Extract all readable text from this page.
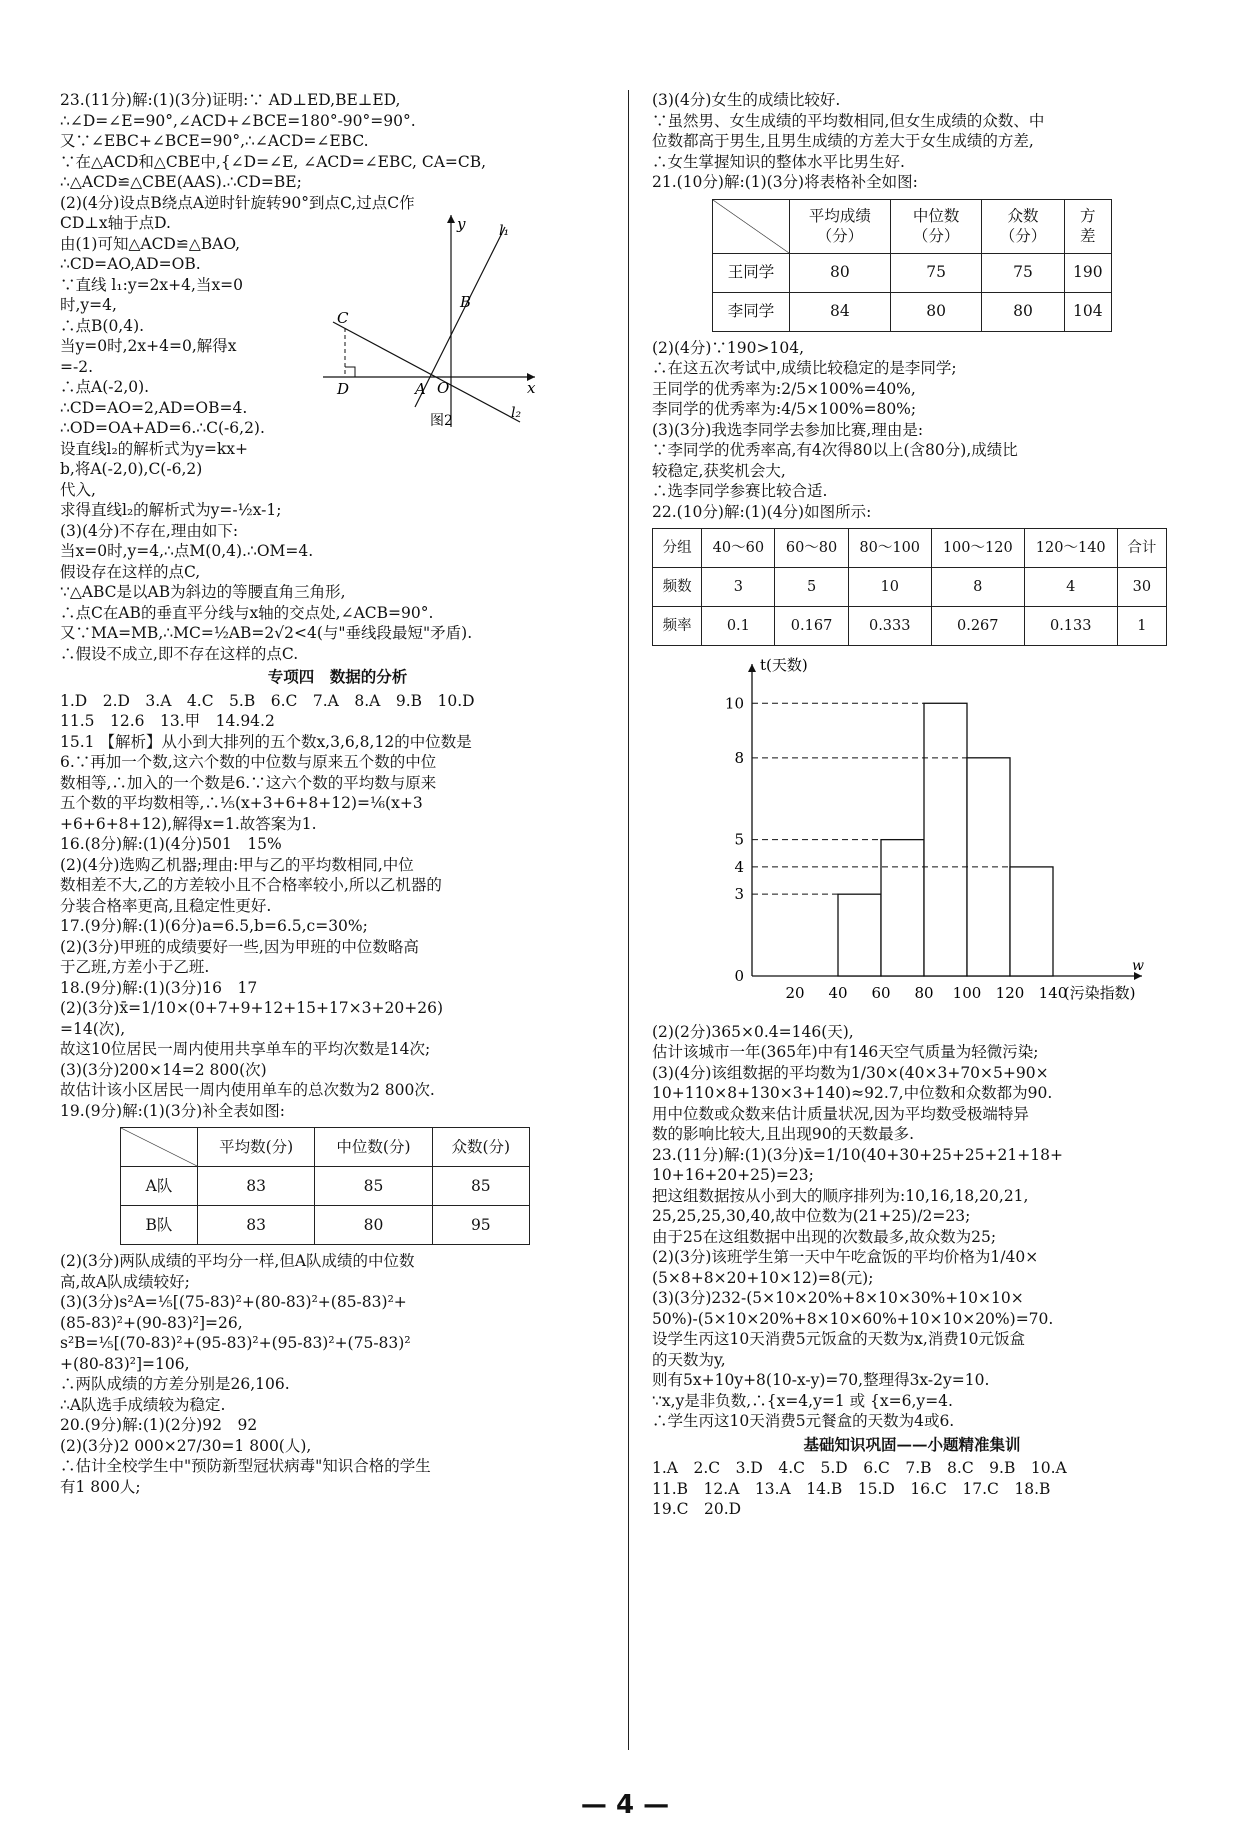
23.(11分)解:(1)(3分)证明:∵ AD⊥ED,BE⊥ED,
∴∠D=∠E=90°,∠ACD+∠BCE=180°-90°=90°.
又∵∠EBC+∠BCE=90°,∴∠ACD=∠EBC.
∵在△ACD和△CBE中,{∠D=∠E, ∠ACD=∠EBC, CA=CB,
∴△ACD≌△CBE(AAS).∴CD=BE;
(2)(4分)设点B绕点A逆时针旋转90°到点C,过点C作
CD⊥x轴于点D.
由(1)可知△ACD≌△BAO,
∴CD=AO,AD=OB.
∵直线 l₁:y=2x+4,当x=0
时,y=4,
∴点B(0,4).
当y=0时,2x+4=0,解得x
=-2.
∴点A(-2,0).
∴CD=AO=2,AD=OB=4.
∴OD=OA+AD=6.∴C(-6,2).
设直线l₂的解析式为y=kx+
b,将A(-2,0),C(-6,2)
代入,
y
x
l₁
l₂
B
C
D	A O
图2
求得直线l₂的解析式为y=-½x-1;
(3)(4分)不存在,理由如下:
当x=0时,y=4,∴点M(0,4).∴OM=4.
假设存在这样的点C,
∵△ABC是以AB为斜边的等腰直角三角形,
∴点C在AB的垂直平分线与x轴的交点处,∠ACB=90°.
又∵MA=MB,∴MC=½AB=2√2<4(与"垂线段最短"矛盾).
∴假设不成立,即不存在这样的点C.
专项四　数据的分析
1.D　2.D　3.A　4.C　5.B　6.C　7.A　8.A　9.B　10.D
11.5　12.6　13.甲　14.94.2
15.1 【解析】从小到大排列的五个数x,3,6,8,12的中位数是
6.∵再加一个数,这六个数的中位数与原来五个数的中位
数相等,∴加入的一个数是6.∵这六个数的平均数与原来
五个数的平均数相等,∴⅕(x+3+6+8+12)=⅙(x+3
+6+6+8+12),解得x=1.故答案为1.
16.(8分)解:(1)(4分)501　15%
(2)(4分)选购乙机器;理由:甲与乙的平均数相同,中位
数相差不大,乙的方差较小且不合格率较小,所以乙机器的
分装合格率更高,且稳定性更好.
17.(9分)解:(1)(6分)a=6.5,b=6.5,c=30%;
(2)(3分)甲班的成绩要好一些,因为甲班的中位数略高
于乙班,方差小于乙班.
18.(9分)解:(1)(3分)16　17
(2)(3分)x̄=1/10×(0+7+9+12+15+17×3+20+26)
=14(次),
故这10位居民一周内使用共享单车的平均次数是14次;
(3)(3分)200×14=2 800(次)
故估计该小区居民一周内使用单车的总次数为2 800次.
19.(9分)解:(1)(3分)补全表如图:
	平均数(分)	中位数(分)	众数(分)
A队	83	85	85
B队	83	80	95
(2)(3分)两队成绩的平均分一样,但A队成绩的中位数
高,故A队成绩较好;
(3)(3分)s²A=⅕[(75-83)²+(80-83)²+(85-83)²+
(85-83)²+(90-83)²]=26,
s²B=⅕[(70-83)²+(95-83)²+(95-83)²+(75-83)²
+(80-83)²]=106,
∴两队成绩的方差分别是26,106.
∴A队选手成绩较为稳定.
20.(9分)解:(1)(2分)92　92
(2)(3分)2 000×27/30=1 800(人),
∴估计全校学生中"预防新型冠状病毒"知识合格的学生
有1 800人;
(3)(4分)女生的成绩比较好.
∵虽然男、女生成绩的平均数相同,但女生成绩的众数、中
位数都高于男生,且男生成绩的方差大于女生成绩的方差,
∴女生掌握知识的整体水平比男生好.
21.(10分)解:(1)(3分)将表格补全如图:
	平均成绩（分）	中位数（分）	众数（分）	方差
王同学	80	75	75	190
李同学	84	80	80	104
(2)(4分)∵190>104,
∴在这五次考试中,成绩比较稳定的是李同学;
王同学的优秀率为:2/5×100%=40%,
李同学的优秀率为:4/5×100%=80%;
(3)(3分)我选李同学去参加比赛,理由是:
∵李同学的优秀率高,有4次得80以上(含80分),成绩比
较稳定,获奖机会大,
∴选李同学参赛比较合适.
22.(10分)解:(1)(4分)如图所示:
分组	40～60	60～80	80～100	100～120	120～140	合计
频数	3	5	10	8	4	30
频率	0.1	0.167	0.333	0.267	0.133	1
0
3
4
5
8
10
20 40 60 80 100 120 140
t(天数)
w
(污染指数)
(2)(2分)365×0.4=146(天),
估计该城市一年(365年)中有146天空气质量为轻微污染;
(3)(4分)该组数据的平均数为1/30×(40×3+70×5+90×
10+110×8+130×3+140)≈92.7,中位数和众数都为90.
用中位数或众数来估计质量状况,因为平均数受极端特异
数的影响比较大,且出现90的天数最多.
23.(11分)解:(1)(3分)x̄=1/10(40+30+25+25+21+18+
10+16+20+25)=23;
把这组数据按从小到大的顺序排列为:10,16,18,20,21,
25,25,25,30,40,故中位数为(21+25)/2=23;
由于25在这组数据中出现的次数最多,故众数为25;
(2)(3分)该班学生第一天中午吃盒饭的平均价格为1/40×
(5×8+8×20+10×12)=8(元);
(3)(3分)232-(5×10×20%+8×10×30%+10×10×
50%)-(5×10×20%+8×10×60%+10×10×20%)=70.
设学生丙这10天消费5元饭盒的天数为x,消费10元饭盒
的天数为y,
则有5x+10y+8(10-x-y)=70,整理得3x-2y=10.
∵x,y是非负数,∴{x=4,y=1 或 {x=6,y=4.
∴学生丙这10天消费5元餐盒的天数为4或6.
基础知识巩固——小题精准集训
1.A　2.C　3.D　4.C　5.D　6.C　7.B　8.C　9.B　10.A
11.B　12.A　13.A　14.B　15.D　16.C　17.C　18.B
19.C　20.D
— 4 —
